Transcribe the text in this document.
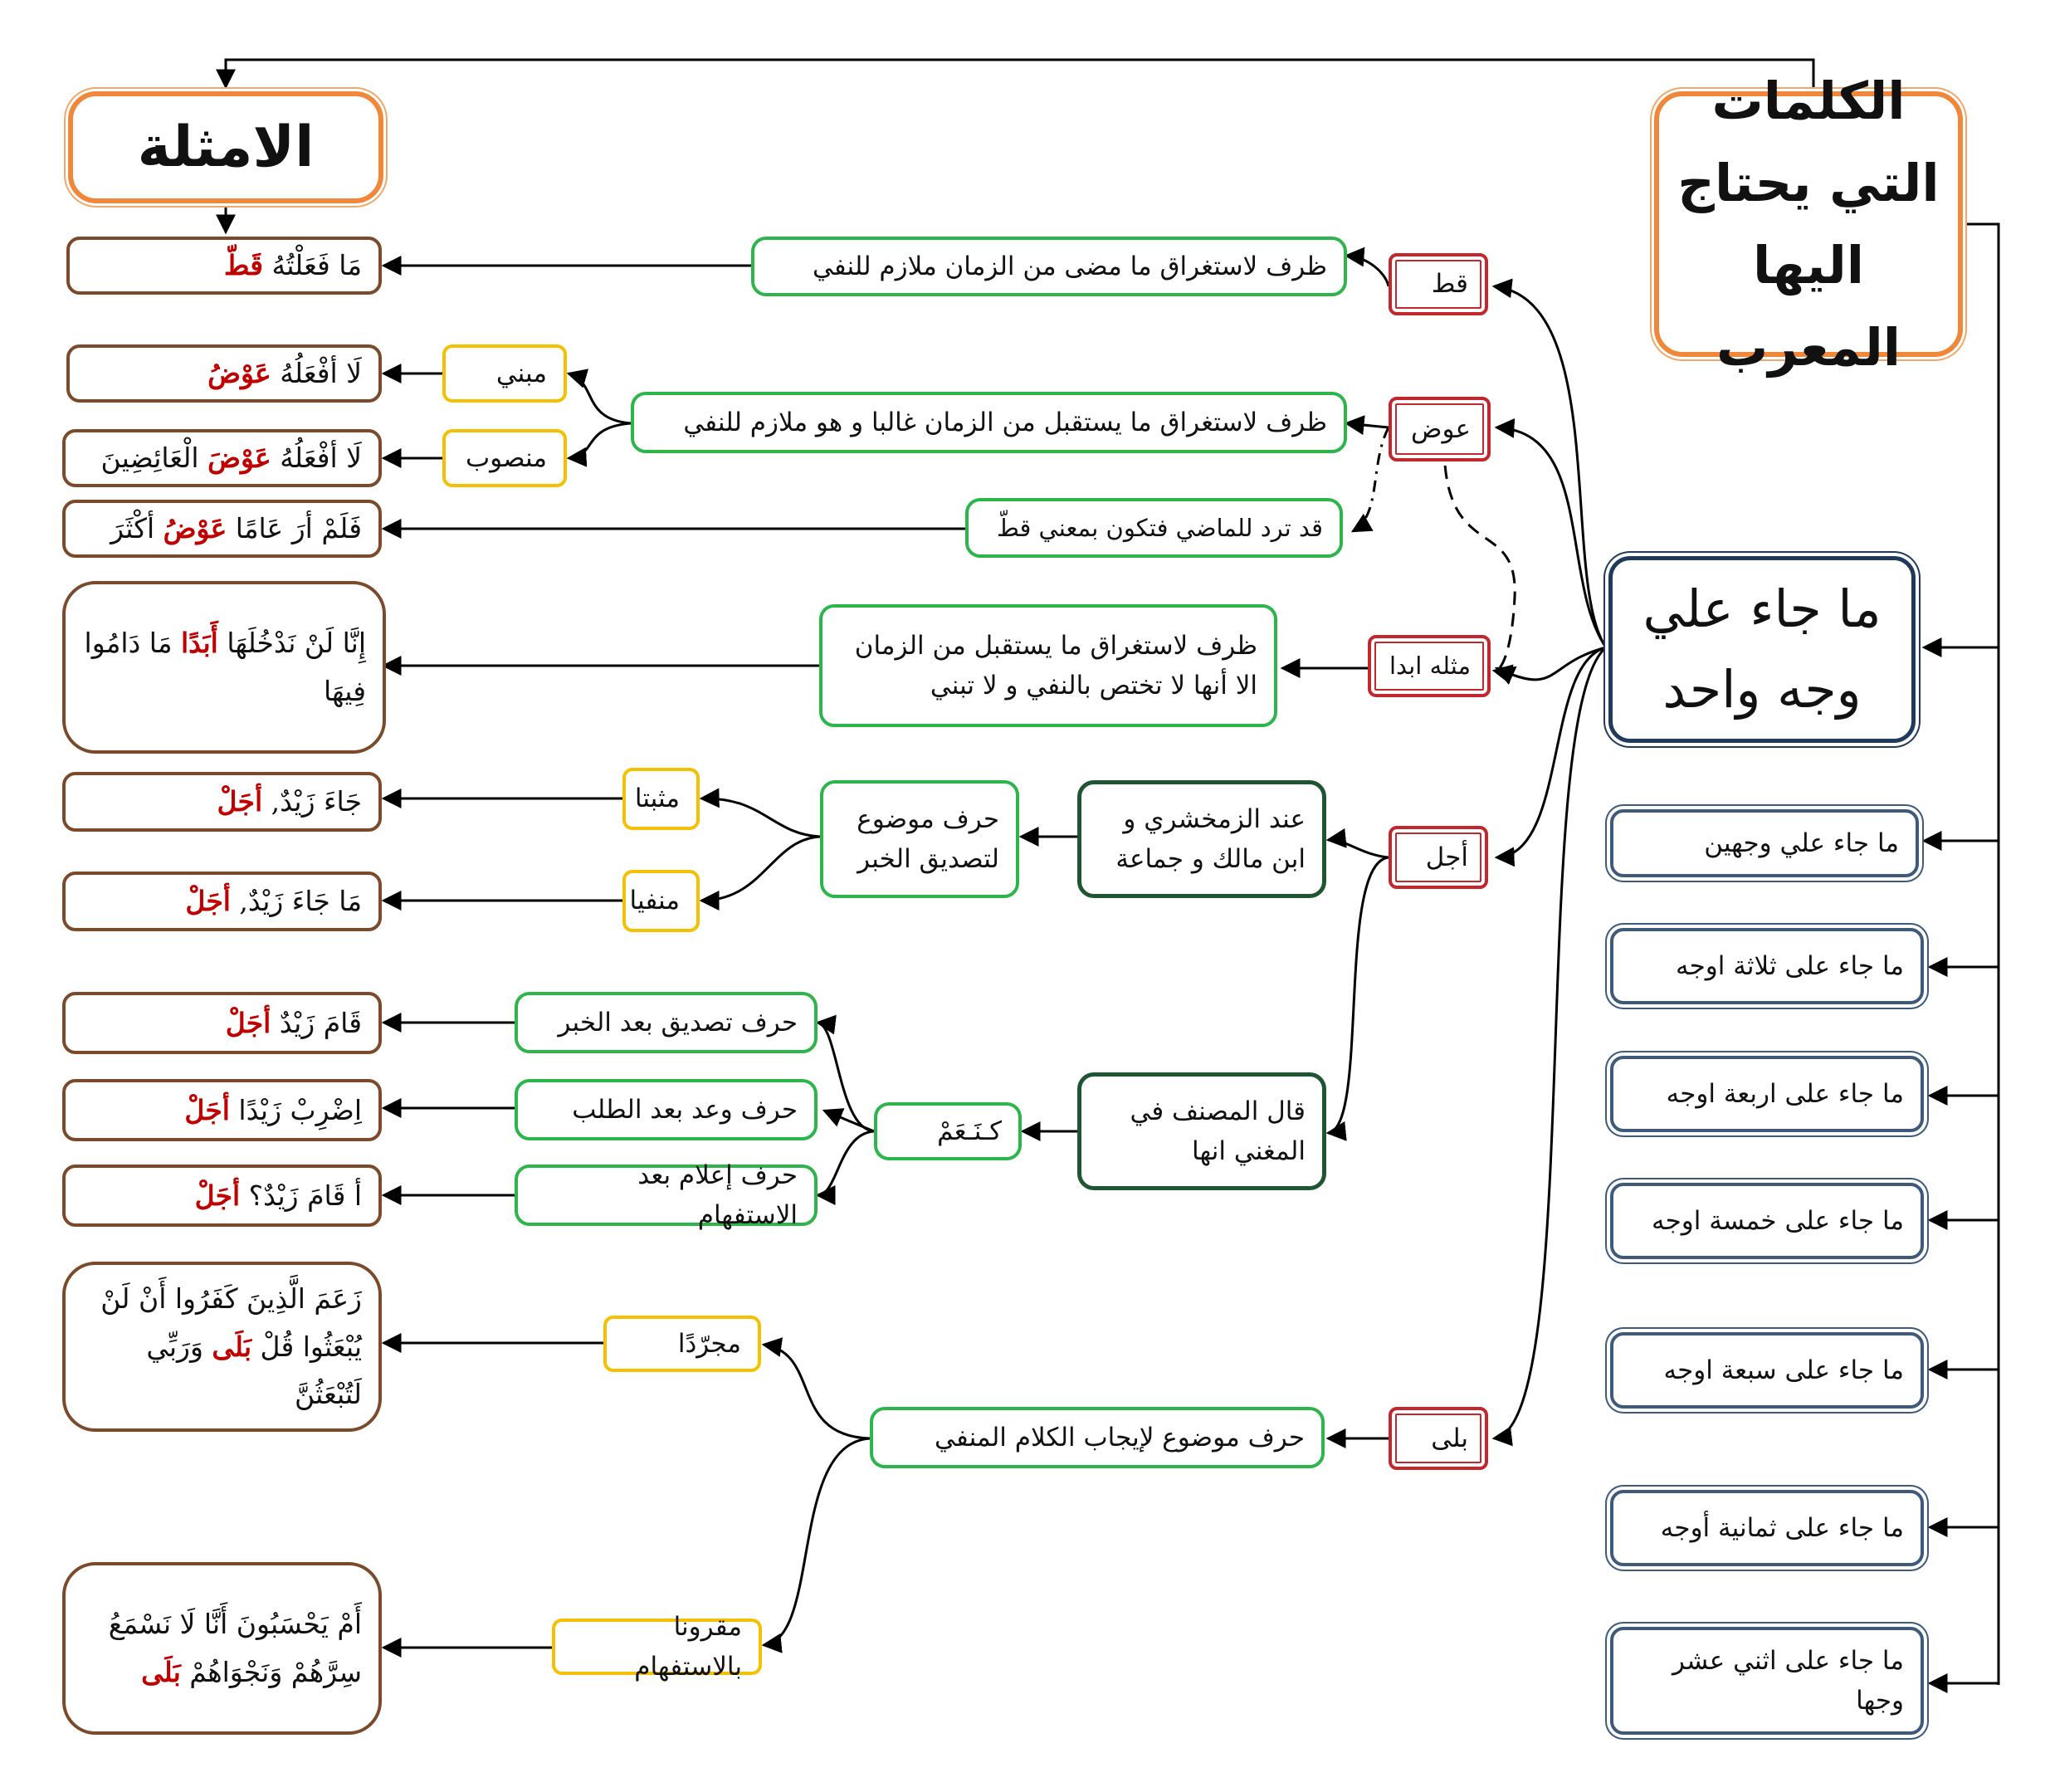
الكلمات التي يحتاج اليها المعرب
الامثلة
ما جاء علي وجه واحد
ما جاء علي وجهين
ما جاء على ثلاثة اوجه
ما جاء على اربعة اوجه
ما جاء على خمسة اوجه
ما جاء على سبعة اوجه
ما جاء على ثمانية أوجه
ما جاء على اثني عشر وجها
قط
عوض
مثله ابدا
أجل
بلى
ظرف لاستغراق ما مضى من الزمان ملازم للنفي
ظرف لاستغراق ما يستقبل من الزمان غالبا و هو ملازم للنفي
قد ترد للماضي فتكون بمعني قطّ
ظرف لاستغراق ما يستقبل من الزمان الا أنها لا تختص بالنفي و لا تبني
عند الزمخشري و ابن مالك و جماعة
حرف موضوع لتصديق الخبر
قال المصنف في المغني انها
كـنَـعَمْ
حرف تصديق بعد الخبر
حرف وعد بعد الطلب
حرف إعلام بعد الاستفهام
حرف موضوع لإيجاب الكلام المنفي
مبني
منصوب
مثبتا
منفيا
مجرّدًا
مقرونا بالاستفهام
مَا فَعَلْتُهُ قَطّ
لَا أفْعَلُهُ عَوْضُ
لَا أفْعَلُهُ عَوْضَ الْعَائِضِينَ
فَلَمْ أرَ عَامًا عَوْضُ أكْثَرَ
إِنَّا لَنْ نَدْخُلَهَا أَبَدًا مَا دَامُوا فِيهَا
جَاءَ زَيْدٌ, أجَلْ
مَا جَاءَ زَيْدٌ, أجَلْ
قَامَ زَيْدٌ أجَلْ
اِضْرِبْ زَيْدًا أجَلْ
أ قَامَ زَيْدٌ؟ أجَلْ
زَعَمَ الَّذِينَ كَفَرُوا أَنْ لَنْ يُبْعَثُوا قُلْ بَلَى وَرَبِّي لَتُبْعَثُنَّ
أَمْ يَحْسَبُونَ أَنَّا لَا نَسْمَعُ سِرَّهُمْ وَنَجْوَاهُمْ بَلَى
